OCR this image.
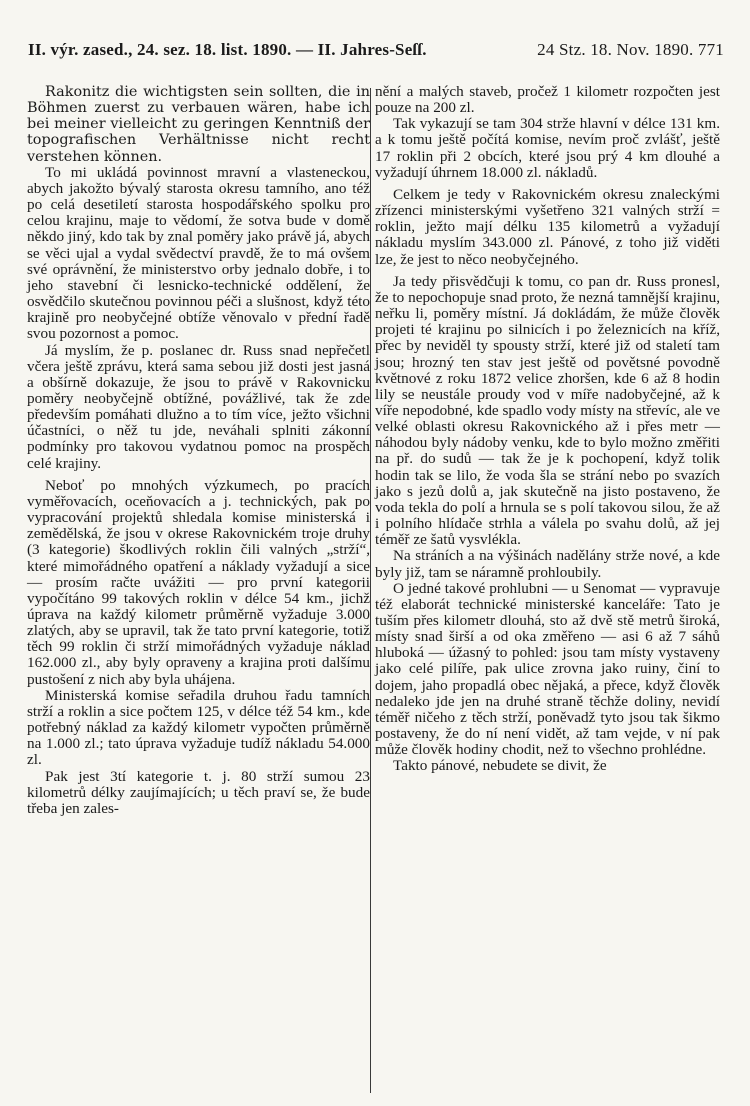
II. výr. zased., 24. sez. 18. list. 1890. — II. Jahres-Seſſ.	24 Stz. 18. Nov. 1890. 771

Rakonitz die wichtigsten sein sollten, die in Böhmen zuerst zu verbauen wären, habe ich bei meiner vielleicht zu geringen Kenntniß der topografischen Verhältnisse nicht recht verstehen können.

To mi ukládá povinnost mravní a vlasteneckou, abych jakožto bývalý starosta okresu tamního, ano též po celá desetiletí starosta hospodářského spolku pro celou krajinu, maje to vědomí, že sotva bude v domě někdo jiný, kdo tak by znal poměry jako právě já, abych se věci ujal a vydal svědectví pravdě, že to má ovšem své oprávnění, že ministerstvo orby jednalo dobře, i to jeho stavební či lesnicko-technické oddělení, že osvědčilo skutečnou povinnou péči a slušnost, když této krajině pro neobyčejné obtíže věnovalo v přední řadě svou pozornost a pomoc.

Já myslím, že p. poslanec dr. Russ snad nepřečetl včera ještě zprávu, která sama sebou již dosti jest jasná a obšírně dokazuje, že jsou to právě v Rakovnicku poměry neobyčejně obtížné, povážlivé, tak že zde především pomáhati dlužno a to tím více, ježto všichni účastníci, o něž tu jde, neváhali splniti zákonní podmínky pro takovou vydatnou pomoc na prospěch celé krajiny.

Neboť po mnohých výzkumech, po pracích vyměřovacích, oceňovacích a j. technických, pak po vypracování projektů shledala komise ministerská i zemědělská, že jsou v okrese Rakovnickém troje druhy (3 kategorie) škodlivých roklin čili valných „strží“, které mimořádného opatření a náklady vyžadují a sice — prosím račte uvážiti — pro první kategorii vypočítáno 99 takových roklin v délce 54 km., jichž úprava na každý kilometr průměrně vyžaduje 3.000 zlatých, aby se upravil, tak že tato první kategorie, totiž těch 99 roklin či strží mimořádných vyžaduje náklad 162.000 zl., aby byly opraveny a krajina proti dalšímu pustošení z nich aby byla uhájena.

Ministerská komise seřadila druhou řadu tamních strží a roklin a sice počtem 125, v délce též 54 km., kde potřebný náklad za každý kilometr vypočten průměrně na 1.000 zl.; tato úprava vyžaduje tudíž nákladu 54.000 zl.

Pak jest 3tí kategorie t. j. 80 strží sumou 23 kilometrů délky zaujímajících; u těch praví se, že bude třeba jen zales-

nění a malých staveb, pročež 1 kilometr rozpočten jest pouze na 200 zl.

Tak vykazují se tam 304 strže hlavní v délce 131 km. a k tomu ještě počítá komise, nevím proč zvlášť, ještě 17 roklin při 2 obcích, které jsou prý 4 km dlouhé a vyžadují úhrnem 18.000 zl. nákladů.

Celkem je tedy v Rakovnickém okresu znaleckými zřízenci ministerskými vyšetřeno 321 valných strží = roklin, ježto mají délku 135 kilometrů a vyžadují nákladu myslím 343.000 zl. Pánové, z toho již viděti lze, že jest to něco neobyčejného.

Ja tedy přisvědčuji k tomu, co pan dr. Russ pronesl, že to nepochopuje snad proto, že nezná tamnější krajinu, neřku li, poměry místní. Já dokládám, že může člověk projeti té krajinu po silnicích i po železnicích na kříž, přec by neviděl ty spousty strží, které již od staletí tam jsou; hrozný ten stav jest ještě od povětsné povodně květnové z roku 1872 velice zhoršen, kde 6 až 8 hodin lily se neustále proudy vod v míře nadobyčejné, až k víře nepodobné, kde spadlo vody místy na střevíc, ale ve velké oblasti okresu Rakovnického až i přes metr — náhodou byly nádoby venku, kde to bylo možno změřiti na př. do sudů — tak že je k pochopení, když tolik hodin tak se lilo, že voda šla se strání nebo po svazích jako s jezů dolů a, jak skutečně na jisto postaveno, že voda tekla do polí a hrnula se s polí takovou silou, že až i polního hlídače strhla a válela po svahu dolů, až jej téměř ze šatů vysvlékla.

Na stráních a na výšinách nadělány strže nové, a kde byly již, tam se náramně prohloubily.

O jedné takové prohlubni — u Senomat — vypravuje též elaborát technické ministerské kanceláře: Tato je tuším přes kilometr dlouhá, sto až dvě stě metrů široká, místy snad širší a od oka změřeno — asi 6 až 7 sáhů hluboká — úžasný to pohled: jsou tam místy vystaveny jako celé pilíře, pak ulice zrovna jako ruiny, činí to dojem, jaho propadlá obec nějaká, a přece, když člověk nedaleko jde jen na druhé straně těchže doliny, nevidí téměř ničeho z těch strží, poněvadž tyto jsou tak šikmo postaveny, že do ní není vidět, až tam vejde, v ní pak může člověk hodiny chodit, než to všechno prohlédne.

Takto pánové, nebudete se divit, že
